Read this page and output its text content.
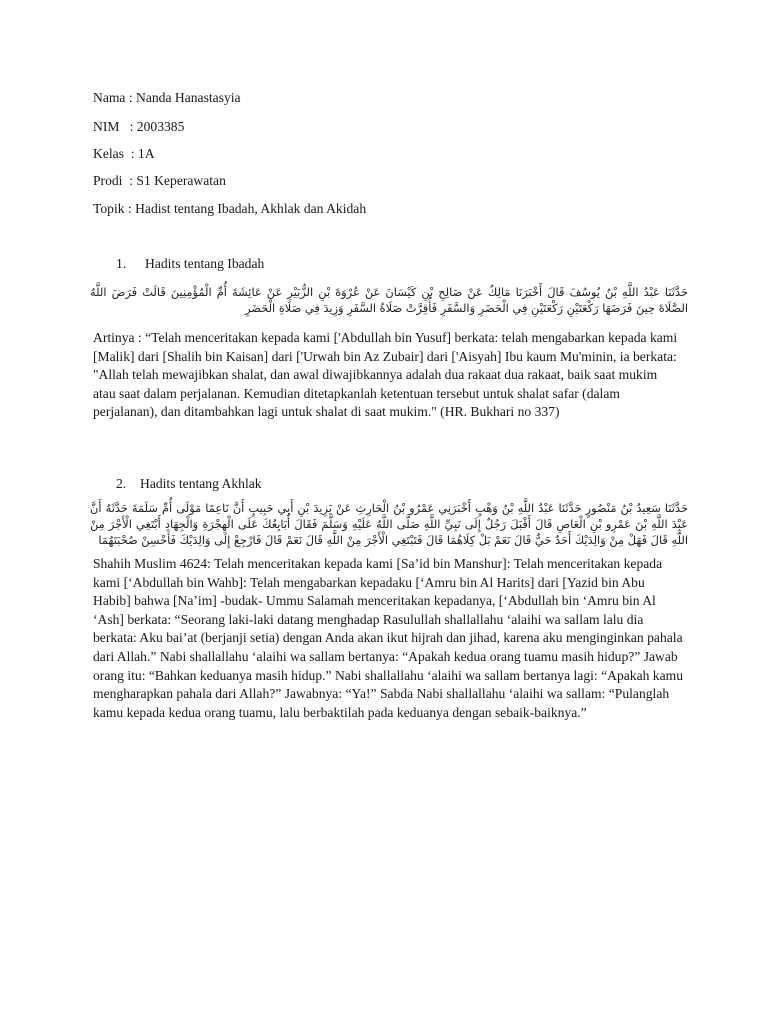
Nama : Nanda Hanastasyia
NIM   : 2003385
Kelas  : 1A
Prodi  : S1 Keperawatan
Topik : Hadist tentang Ibadah, Akhlak dan Akidah
1. Hadits tentang Ibadah
حَدَّثَنَا عَبْدُ اللَّهِ بْنُ يُوسُفَ قَالَ أَخْبَرَنَا مَالِكٌ عَنْ صَالِحِ بْنِ كَيْسَانَ عَنْ عُرْوَةَ بْنِ الزُّبَيْرِ عَنْ عَائِشَةَ أُمِّ الْمُؤْمِنِينَ قَالَتْ فَرَضَ اللَّهُ الصَّلَاةَ حِينَ فَرَضَهَا رَكْعَتَيْنِ رَكْعَتَيْنِ فِي الْحَضَرِ وَالسَّفَرِ فَأُقِرَّتْ صَلَاةُ السَّفَرِ وَزِيدَ فِي صَلَاةِ الْحَضَرِ
Artinya : “Telah menceritakan kepada kami ['Abdullah bin Yusuf] berkata: telah mengabarkan kepada kami [Malik] dari [Shalih bin Kaisan] dari ['Urwah bin Az Zubair] dari ['Aisyah] Ibu kaum Mu'minin, ia berkata: "Allah telah mewajibkan shalat, dan awal diwajibkannya adalah dua rakaat dua rakaat, baik saat mukim atau saat dalam perjalanan. Kemudian ditetapkanlah ketentuan tersebut untuk shalat safar (dalam perjalanan), dan ditambahkan lagi untuk shalat di saat mukim." (HR. Bukhari no 337)
2. Hadits tentang Akhlak
حَدَّثَنَا سَعِيدُ بْنُ مَنْصُورٍ حَدَّثَنَا عَبْدُ اللَّهِ بْنُ وَهْبٍ أَخْبَرَنِي عَمْرُو بْنُ الْحَارِثِ عَنْ يَزِيدَ بْنِ أَبِي حَبِيبٍ أَنَّ نَاعِمًا مَوْلَى أُمِّ سَلَمَةَ حَدَّثَهُ أَنَّ عَبْدَ اللَّهِ بْنَ عَمْرِو بْنِ الْعَاصِ قَالَ أَقْبَلَ رَجُلٌ إِلَى نَبِيِّ اللَّهِ صَلَّى اللَّهُ عَلَيْهِ وَسَلَّمَ فَقَالَ أُبَايِعُكَ عَلَى الْهِجْرَةِ وَالْجِهَادِ أَبْتَغِي الْأَجْرَ مِنْ اللَّهِ قَالَ فَهَلْ مِنْ وَالِدَيْكَ أَحَدٌ حَيٌّ قَالَ نَعَمْ بَلْ كِلَاهُمَا قَالَ فَتَبْتَغِي الْأَجْرَ مِنْ اللَّهِ قَالَ نَعَمْ قَالَ فَارْجِعْ إِلَى وَالِدَيْكَ فَأَحْسِنْ صُحْبَتَهُمَا
Shahih Muslim 4624: Telah menceritakan kepada kami [Sa’id bin Manshur]: Telah menceritakan kepada kami [‘Abdullah bin Wahb]: Telah mengabarkan kepadaku [‘Amru bin Al Harits] dari [Yazid bin Abu Habib] bahwa [Na’im] -budak- Ummu Salamah menceritakan kepadanya, [‘Abdullah bin ‘Amru bin Al ‘Ash] berkata: “Seorang laki-laki datang menghadap Rasulullah shallallahu ‘alaihi wa sallam lalu dia berkata: Aku bai’at (berjanji setia) dengan Anda akan ikut hijrah dan jihad, karena aku menginginkan pahala dari Allah.” Nabi shallallahu ‘alaihi wa sallam bertanya: “Apakah kedua orang tuamu masih hidup?” Jawab orang itu: “Bahkan keduanya masih hidup.” Nabi shallallahu ‘alaihi wa sallam bertanya lagi: “Apakah kamu mengharapkan pahala dari Allah?” Jawabnya: “Ya!” Sabda Nabi shallallahu ‘alaihi wa sallam: “Pulanglah kamu kepada kedua orang tuamu, lalu berbaktilah pada keduanya dengan sebaik-baiknya.”
